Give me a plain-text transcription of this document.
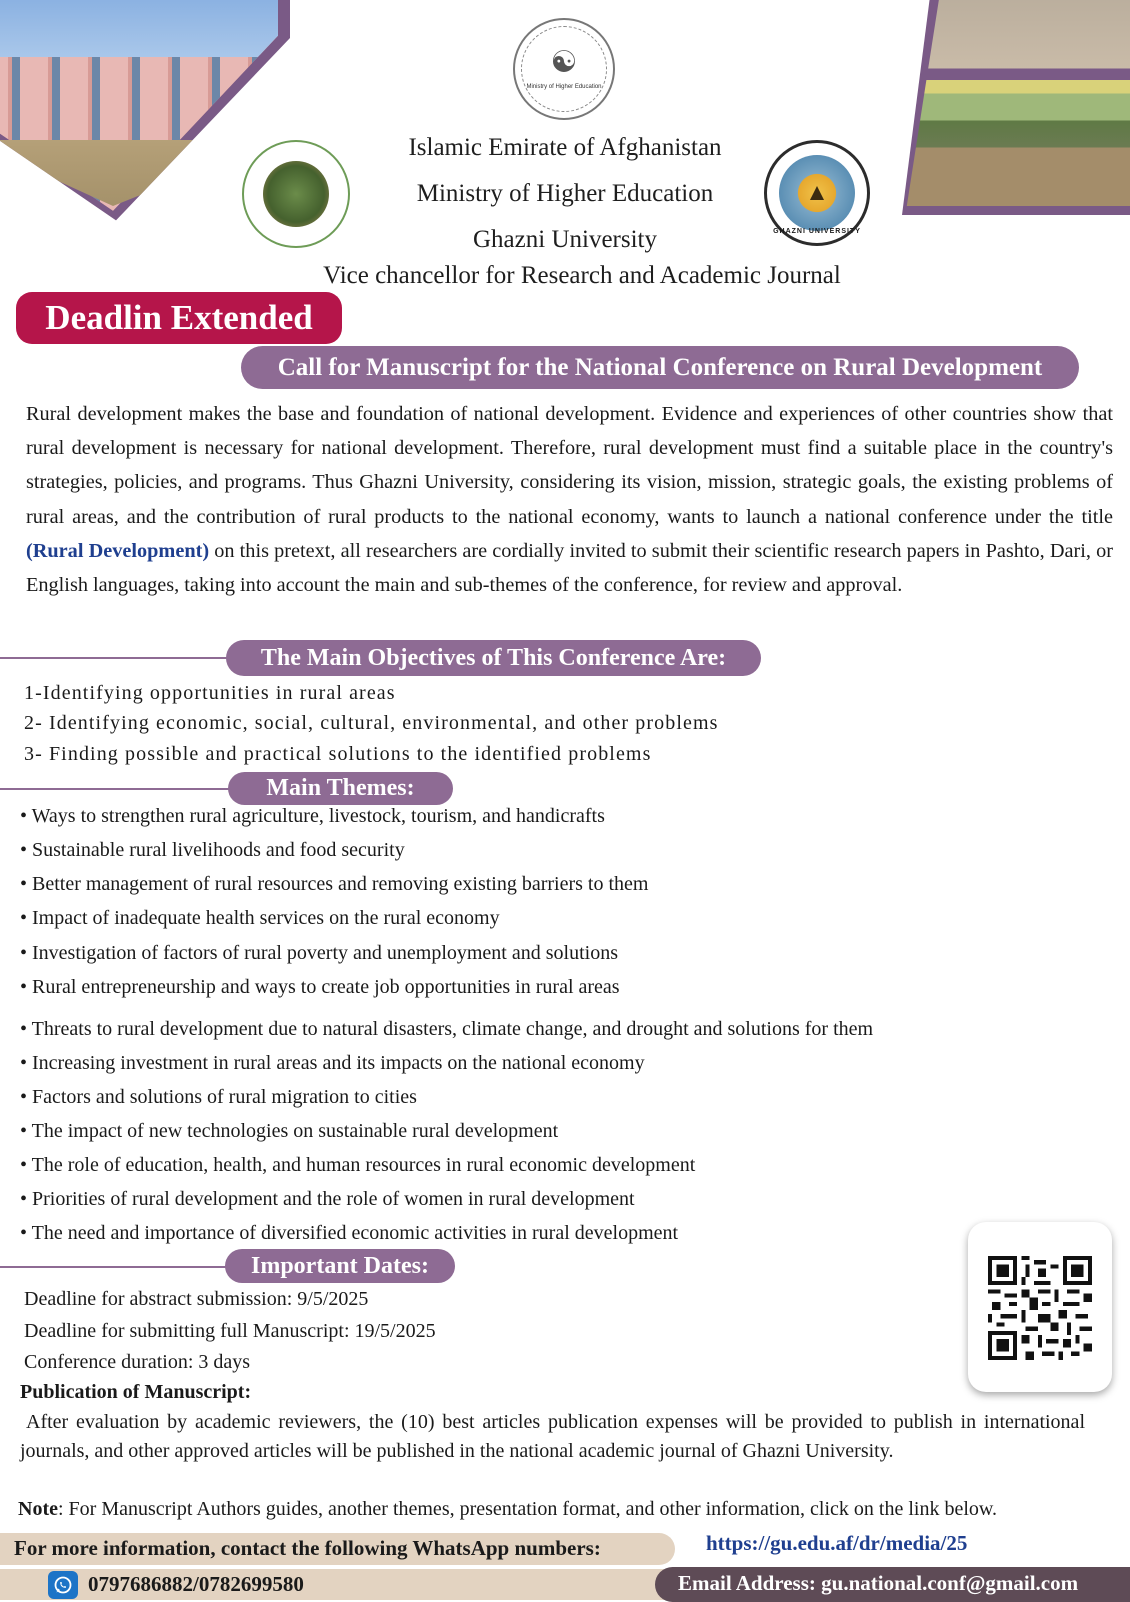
☯
Ministry of Higher Education
▲
GHAZNI UNIVERSITY
Islamic Emirate of Afghanistan
Ministry of Higher Education
Ghazni University
Vice chancellor for Research and Academic Journal
Deadlin Extended
Call for Manuscript for the National Conference on Rural Development
Rural development makes the base and foundation of national development. Evidence and experiences of other countries show that rural development is necessary for national development. Therefore, rural development must find a suitable place in the country's strategies, policies, and programs. Thus Ghazni University, considering its vision, mission, strategic goals, the existing problems of rural areas, and the contribution of rural products to the national economy, wants to launch a national conference under the title (Rural Development) on this pretext, all researchers are cordially invited to submit their scientific research papers in Pashto, Dari, or English languages, taking into account the main and sub-themes of the conference, for review and approval.
The Main Objectives of This Conference Are:
1-Identifying opportunities in rural areas
2- Identifying economic, social, cultural, environmental, and other problems
3- Finding possible and practical solutions to the identified problems
Main Themes:
• Ways to strengthen rural agriculture, livestock, tourism, and handicrafts
• Sustainable rural livelihoods and food security
• Better management of rural resources and removing existing barriers to them
• Impact of inadequate health services on the rural economy
• Investigation of factors of rural poverty and unemployment and solutions
• Rural entrepreneurship and ways to create job opportunities in rural areas
• Threats to rural development due to natural disasters, climate change, and drought and solutions for them
• Increasing investment in rural areas and its impacts on the national economy
• Factors and solutions of rural migration to cities
• The impact of new technologies on sustainable rural development
• The role of education, health, and human resources in rural economic development
• Priorities of rural development and the role of women in rural development
• The need and importance of diversified economic activities in rural development
Important Dates:
Deadline for abstract submission: 9/5/2025
Deadline for submitting full Manuscript: 19/5/2025
Conference duration: 3 days
Publication of Manuscript:
After evaluation by academic reviewers, the (10) best articles publication expenses will be provided to publish in international journals, and other approved articles will be published in the national academic journal of Ghazni University.
Note: For Manuscript Authors guides, another themes, presentation format, and other information, click on the link below.
For more information, contact the following WhatsApp numbers:	https://gu.edu.af/dr/media/25
0797686882/0782699580	Email Address: gu.national.conf@gmail.com
